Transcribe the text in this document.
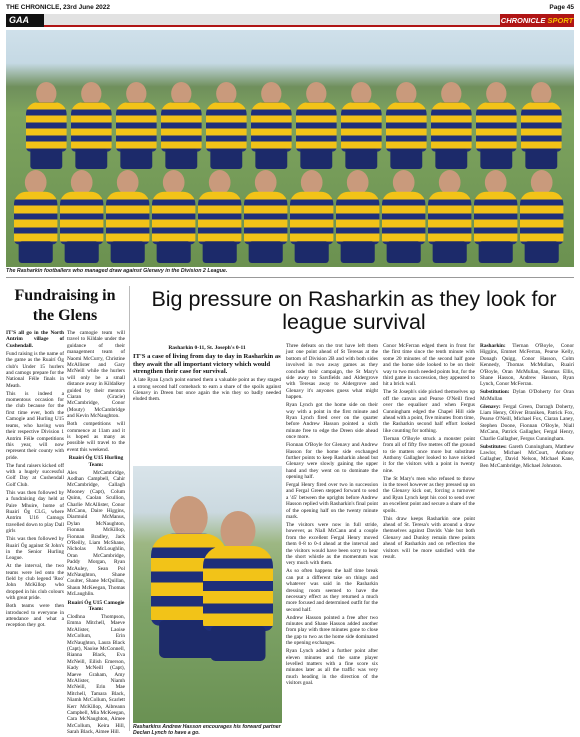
THE CHRONICLE, 23rd June 2022	Page 45
GAA	CHRONICLE SPORT
The Rasharkin footballers who managed draw against Glenavy in the Division 2 League.
Fundraising in the Glens

IT'S all go in the North Antrim village of Cushendall.

Fund raising is the name of the game as the Ruairí Óg club's Under 15 hurlers and camogs prepare for the National Féile finals in Meath.

This is indeed a momentous occasion for the club because for the first time ever, both the Camogie and Hurling U15 teams, who having won their respective Division 1 Antrim Féile competitions this year, will now represent their county with pride.

The fund raisers kicked off with a hugely successful Golf Day at Cushendall Golf Club.

This was then followed by a fundraising day held at Paire Mhuire, home of Ruairí Óg CLG, where Antrim U16 Camogs travelled down to play Dall girls

This was then followed by Ruairí Óg against St John's in the Senior Hurling League.

At the interval, the two teams were led onto the field by club legend 'Roo' John McKillop who dropped in his club colours with great pride.

Both teams were then introduced to everyone in attendance and what a reception they got.

The camogie team will travel to Kildale under the guidance of their management team of Naomi McCurry, Christine McAllister and Gary McNeill while the hurlers will only be a small distance away in Kildalkey guided by their mentors Ciaran (Gracie) McCambridge, Conor (Mouty) McCambridge and Kevin McNaughton.

Both competitions will commence at 11am and it is hoped as many as possible will travel to the event this weekend.

Ruairí Óg U15 Hurling Team:

Alex McCambridge, Aodhan Campbell, Cahir McCambridge, Callagh Mooney (Capt), Colum Quinn, Caolan Scullion, Charlie McAllister, Conor McCann, Daire Higgins, Diarmuid McManus, Dylan McNaughton, Fionnan McKillop, Fionnan Bradley, Jack O'Reilly, Liam McShane, Nicholas McLoughlin, Oran McCambridge, Paddy Morgan, Ryan McAuley, Sean Pol McNaughton, Shane Coulter, Shane McQuillan, Shaun McKeegan, Thomas McLaughlin.

Ruairí Óg U15 Camogie Team:

Clodhna Thompson, Emma Mitchell, Maeve McAlister, Laoise McCollum, Erin McNaughton, Laura Black (Capt), Naoise McConnell, Rianna Black, Eva McNeill, Eilish Emerson, Kady McNeill (Capt), Maeve Graham, Amy McAlister, Niamh McNeill, Erin Mae Mitchell, Tamara Black, Niamh McCollum, Scarlett Kerr McKillop, Aibreann Campbell, Mia McKeegan, Cara McNaughton, Aimee McCollum, Keira Hill, Sarah Black, Aimee Hill.

Big pressure on Rasharkin as they look for league survival

Rasharkin 0-11, St. Joseph's 0-11

IT'S a case of living from day to day in Rasharkin as they await the all important victory which would strengthen their case for survival.

A late Ryan Lynch point earned them a valuable point as they staged a strong second half comeback to earn a share of the spoils against Glenavy in Dreen but once again the win they so badly needed eluded them.

Rasharkins Andrew Hasson encourages his forward partner Declan Lynch to have a go.

Three defeats on the trot have left them just one point ahead of St Teresas at the bottom of Division 2B and with both sides involved in two away games as they conclude their campaign, the St Mary's side away to Sarsfields and Aldergrove with Teresas away to Aldergrove and Glenavy it's anyones guess what might happen.

Ryan Lynch got the home side on their way with a point in the first minute and Ryan Lynch fired over on the quarter before Andrew Hasson pointed a sixth minute free to edge the Dreen side ahead once more.

Fionnan O'Boyle for Glenavy and Andrew Hasson for the home side exchanged further points to keep Rasharkin ahead but Glenavy were slowly gaining the upper hand and they went on to dominate the opening half.

Fergal Henry fired over two in succession and Fergal Green stepped forward to send a '45' between the uprights before Andrew Hasson replied with Rasharkin's final point of the opening half on the twenty minute mark.

The visitors were now in full stride, however, as Niall McCann and a couple from the excellent Fergal Henry moved them 0-8 to 0-4 ahead at the interval and the visitors would have been sorry to hear the short whistle as the momentum was very much with them.

As so often happens the half time break can put a different take on things and whatever was said in the Rasharkin dressing room seemed to have the necessary effect as they returned a much more focused and determined outfit for the second half.

Andrew Hasson pointed a free after two minutes and Shane Hasson added another from play with three minutes gone to close the gap to two as the home side dominated the opening exchanges.

Ryan Lynch added a further point after eleven minutes and the same player levelled matters with a fine score six minutes later as all the traffic was very much heading in the direction of the visitors goal.

Conor McFerran edged them in front for the first time since the tenth minute with some 20 minutes of the second half gone and the home side looked to be on their way to two much needed points but, for the third game in succession, they appeared to hit a brick wall.

The St Joseph's side picked themselves up off the canvas and Pearse O'Neill fired over the equaliser and when Fergus Cunningham edged the Chapel Hill side ahead with a point, five minutes from time, the Rasharkin second half effort looked like counting for nothing.

Tiernan O'Boyle struck a monster point from all of fifty five metres off the ground to tie matters once more but substitute Anthony Gallagher looked to have nicked it for the visitors with a point in twenty nine.

The St Mary's men who refused to throw in the towel however as they pressed up on the Glenavy kick out, forcing a turnover and Ryan Lynch kept his cool to send over an excellent point and secure a share of the spoils.

This draw keeps Rasharkin one point ahead of St. Teresa's with around a draw themselves against Davids Vale but both Glenavy and Dunloy remain three points ahead of Rasharkin and on reflection the visitors will be more satisfied with the result.

Rasharkin: Tiernan O'Boyle, Conor Higgins, Emmet McFerran, Pearse Kelly, Donagh Quigg, Conor Hasson, Colm Kennedy, Thomas McMullan, Ruairí O'Boyle, Oran McMullan, Seamus Ellis, Shane Hasson, Andrew Hasson, Ryan Lynch, Conor McFerran.

Substitution: Dylan O'Doherty for Oran McMullan

Glenavy: Fergal Green, Darragh Doherty, Liam Henry, Oliver Braniken, Patrick Fox, Pearse O'Neill, Michael Fox, Ciaran Laney, Stephen Doone, Fionnan O'Boyle, Niall McCann, Patrick Gallagher, Fergal Henry, Charlie Gallagher, Fergus Cunningham.

Substitutes: Gareth Cunningham, Matthew Lawlor, Michael McCourt, Anthony Gallagher, David Nelson, Michael Kane, Ben McCambridge, Michael Johnston.
